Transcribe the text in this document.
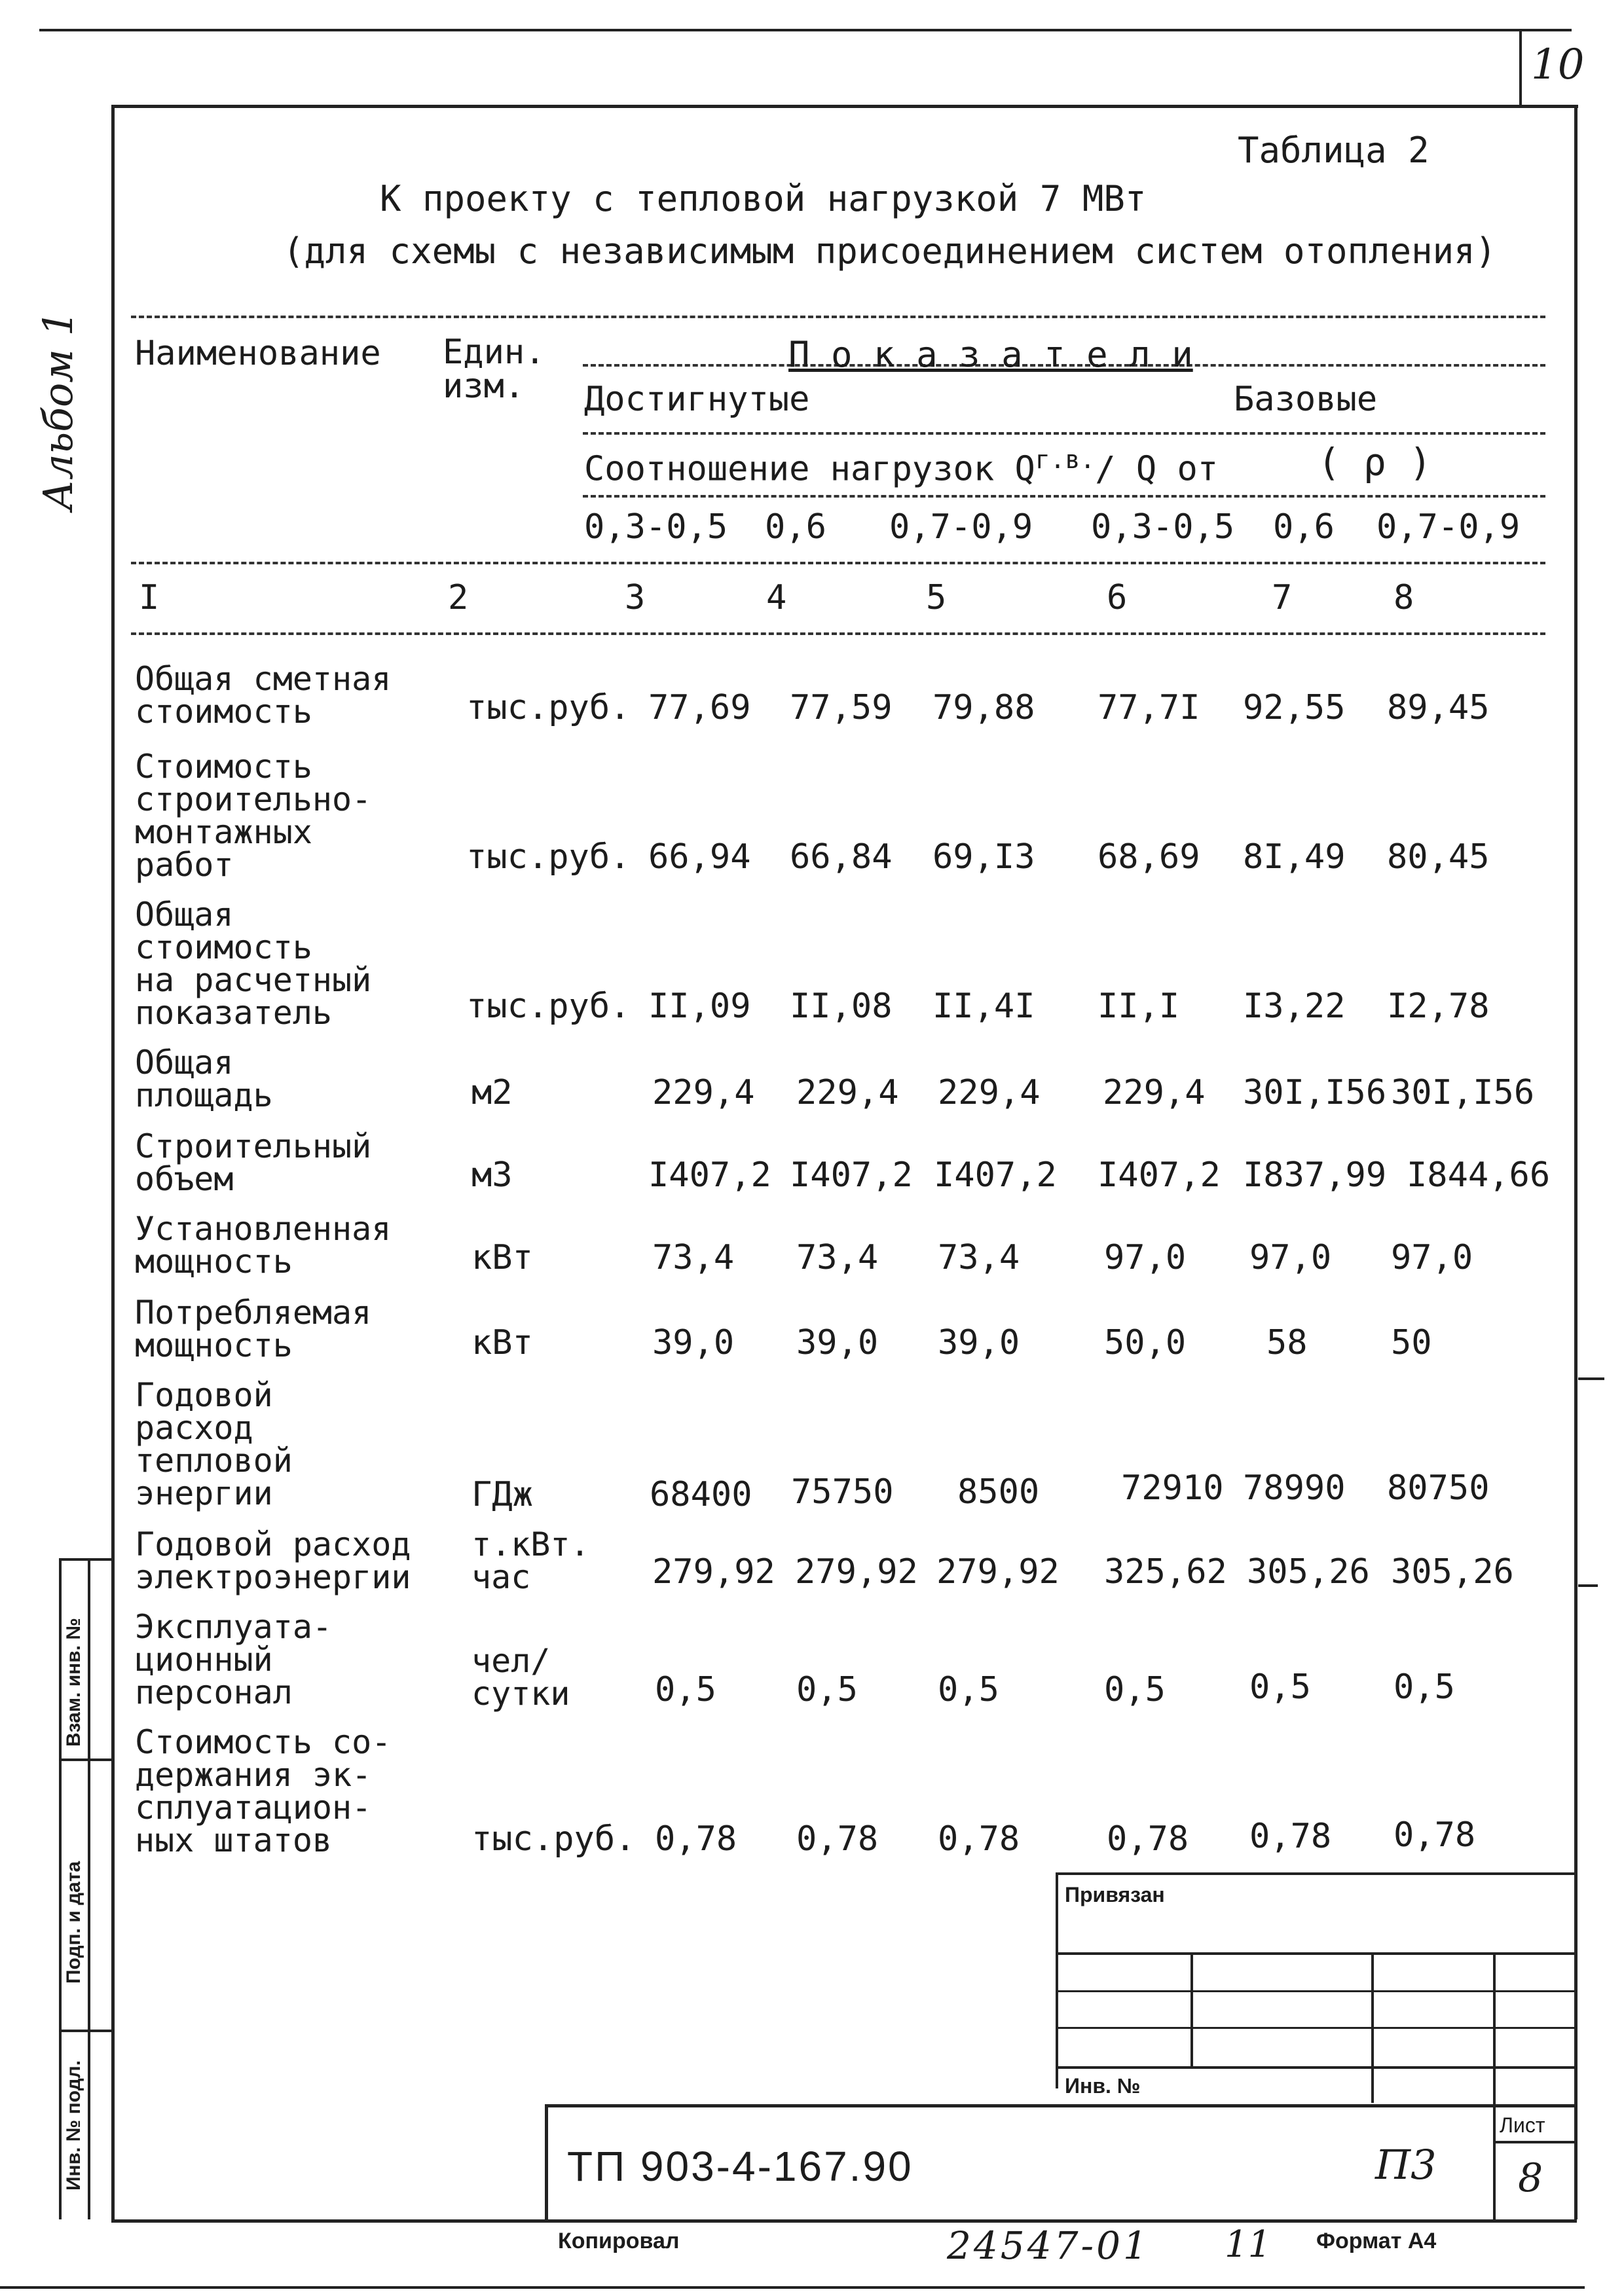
10
Альбом 1
Таблица 2
К проекту с тепловой нагрузкой 7 МВт
(для схемы с независимым присоединением систем отопления)
Наименование Един.
изм.
П о к а з а т е л и
Достигнутые	Базовые
Соотношение нагрузок $Q^{г.в.}/$ Q от	( ρ )
0,3-0,5 0,6 0,7-0,9 0,3-0,5 0,6 0,7-0,9
I	2	3	4	5	6	7	8
Общая сметная
стоимость	тыс.руб. 77,69 77,59 79,88 77,7I 92,55 89,45
Стоимость
строительно-
монтажных
работ	тыс.руб. 66,94 66,84 69,I3 68,69 8I,49 80,45
Общая
стоимость
на расчетный
показатель	тыс.руб. II,09 II,08 II,4I II,I I3,22 I2,78
Общая
площадь	м2	229,4 229,4 229,4 229,4 30I,I56 30I,I56
Строительный
объем	м3	I407,2 I407,2 I407,2 I407,2 I837,99 I844,66
Установленная
мощность	кВт	73,4 73,4 73,4 97,0 97,0 97,0
Потребляемая
мощность	кВт	39,0 39,0 39,0 50,0 58 50
Годовой
расход
тепловой
энергии	ГДж	68400 75750 8500 72910 78990 80750
Годовой расход
электроэнергии
т.кВт.
час	279,92 279,92 279,92 325,62 305,26 305,26
Эксплуата-
ционный
персонал
чел/
сутки 0,5 0,5 0,5	0,5 0,5 0,5
Стоимость со-
держания эк-
сплуатацион-
ных штатов	тыс.руб. 0,78 0,78 0,78	0,78 0,78 0,78
Взам. инв. №
Подп. и дата
Инв. № подл.
Привязан
Инв. №
ТП 903-4-167.90	П3
Лист
8
Копировал	24547-01 11 Формат А4
